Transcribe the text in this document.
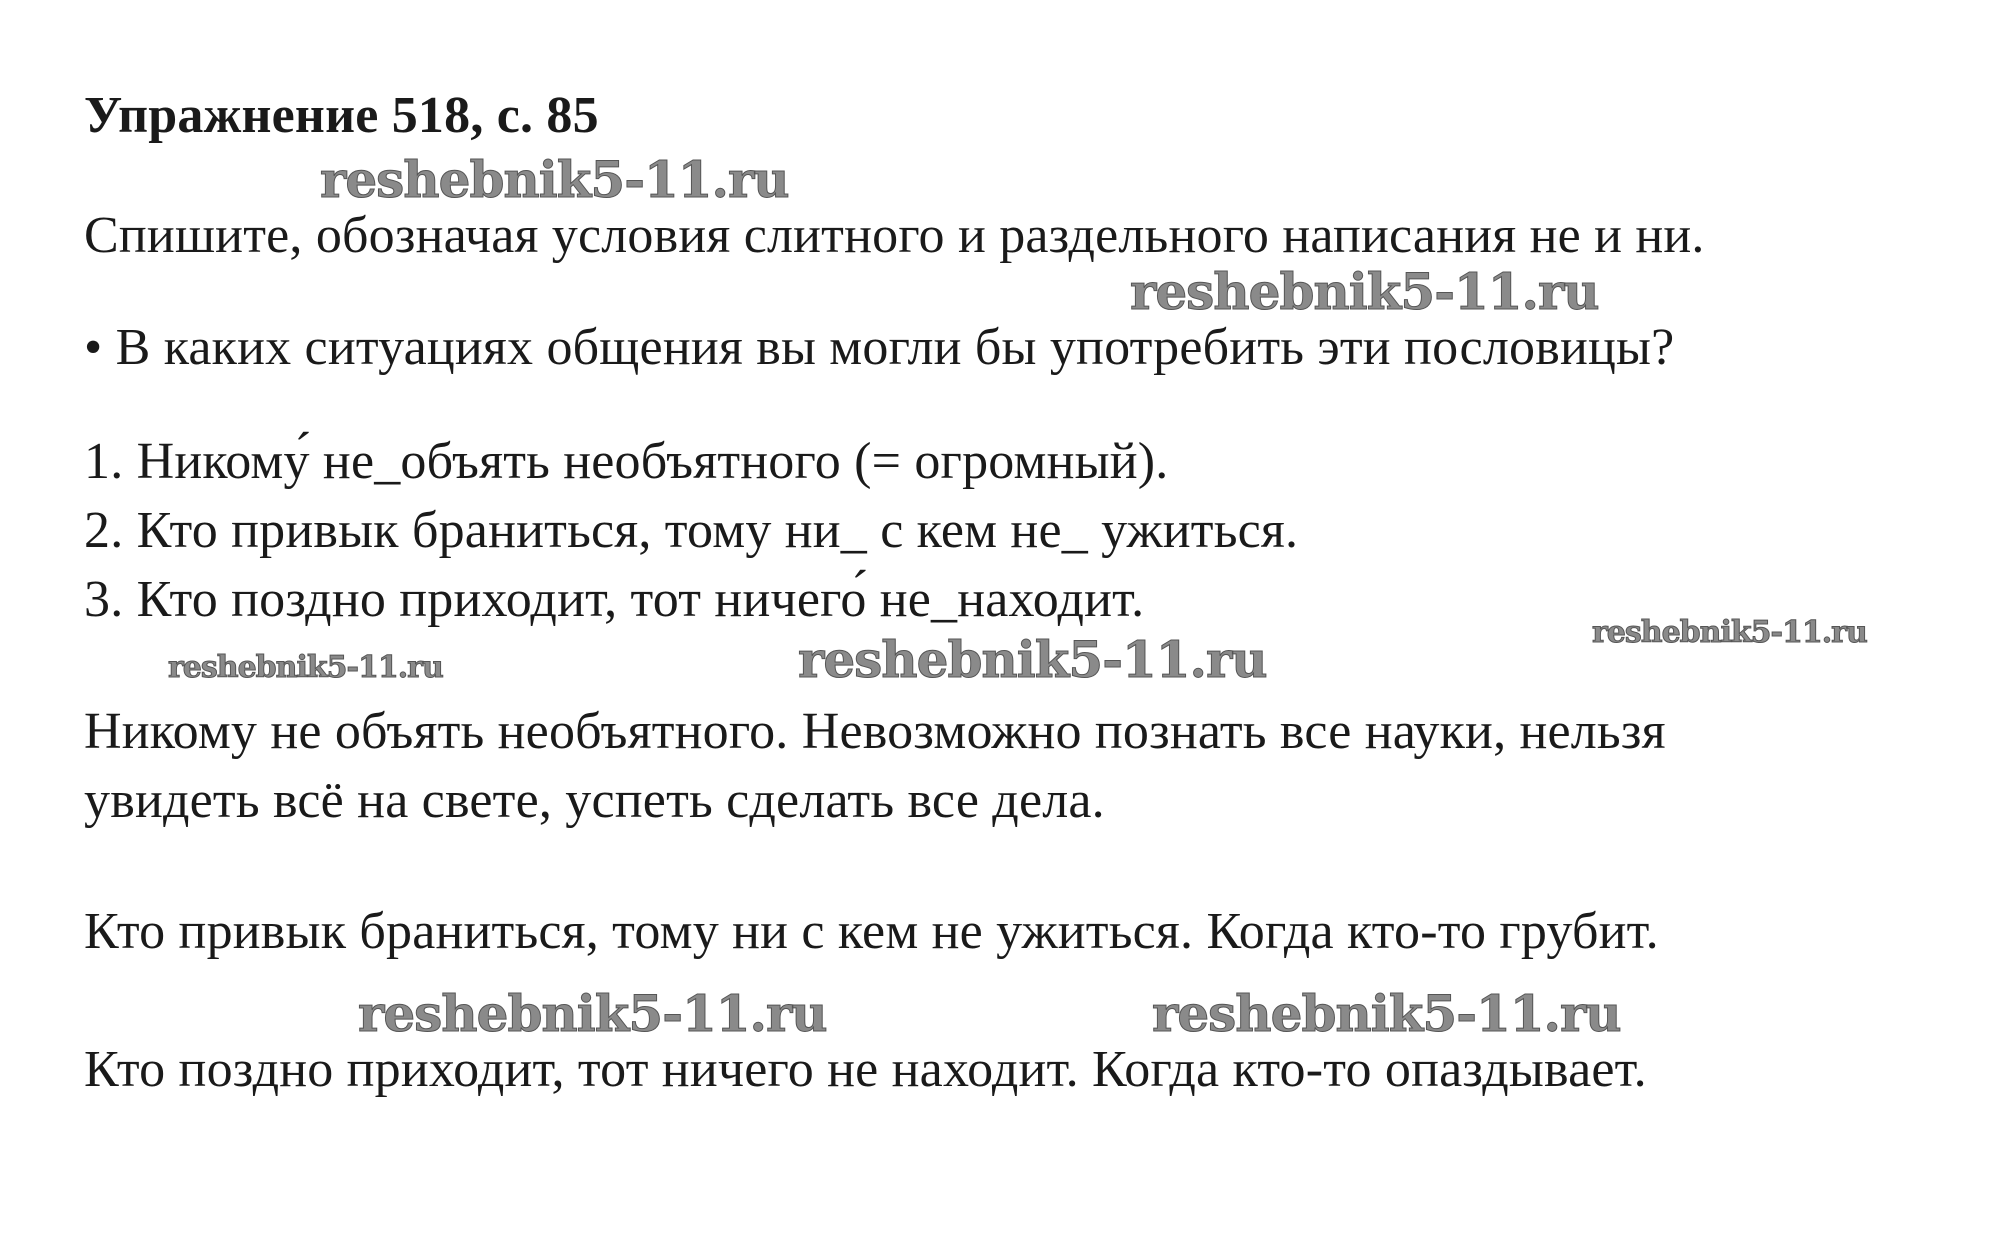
Упражнение 518, с. 85
reshebnik5-11.ru
Спишите, обозначая условия слитного и раздельного написания не и ни.
reshebnik5-11.ru
• В каких ситуациях общения вы могли бы употребить эти пословицы?
1. Никому́ не_объять необъятного (= огромный).
2. Кто привык браниться, тому ни_ с кем не_ ужиться.
3. Кто поздно приходит, тот ничего́ не_находит.
reshebnik5-11.ru
reshebnik5-11.ru	reshebnik5-11.ru
Никому не объять необъятного. Невозможно познать все науки, нельзя
увидеть всё на свете, успеть сделать все дела.
Кто привык браниться, тому ни с кем не ужиться. Когда кто-то грубит.
reshebnik5-11.ru	reshebnik5-11.ru
Кто поздно приходит, тот ничего не находит. Когда кто-то опаздывает.
